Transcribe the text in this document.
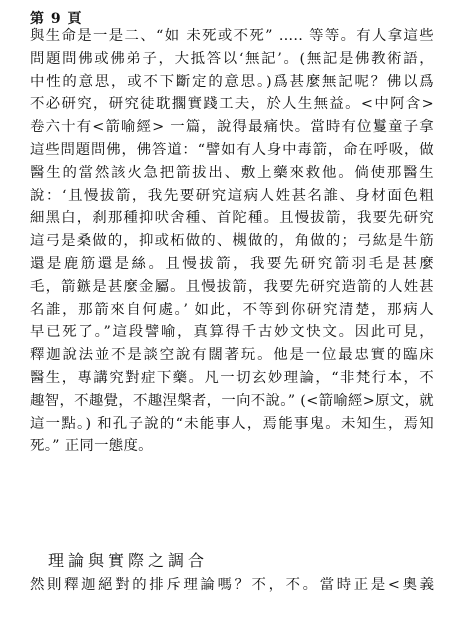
第 9 頁
與生命是一是二、“如 未死或不死” ….. 等等。有人拿這些
問題問佛或佛弟子，大抵答以‘無記’。(無記是佛教術語，
中性的意思，或不下斷定的意思。)爲甚麼無記呢？佛以爲
不必研究，研究徒耽擱實踐工夫，於人生無益。<中阿含>
卷六十有<箭喻經> 一篇，說得最痛快。當時有位鬘童子拿
這些問題問佛，佛答道：“譬如有人身中毒箭，命在呼吸，做
醫生的當然該火急把箭拔出、敷上藥來救他。倘使那醫生
說：‘且慢拔箭，我先要研究這病人姓甚名誰、身材面色粗
細黑白，刹那種抑吠舍種、首陀種。且慢拔箭，我要先研究
這弓是桑做的，抑或柘做的、槻做的，角做的；弓紘是牛筋
還是鹿筋還是絲。且慢拔箭，我要先研究箭羽毛是甚麼
毛，箭鏃是甚麼金屬。且慢拔箭，我要先研究造箭的人姓甚
名誰，那箭來自何處。’ 如此，不等到你研究清楚，那病人
早已死了。”這段譬喻，真算得千古妙文快文。因此可見，
釋迦說法並不是談空說有闊著玩。他是一位最忠實的臨床
醫生，專講究對症下藥。凡一切玄妙理論，“非梵行本，不
趣智，不趣覺，不趣涅槃者，一向不說。” (<箭喻經>原文，就
這一點。) 和孔子說的“未能事人，焉能事鬼。未知生，焉知
死。” 正同一態度。
理論與實際之調合
然則釋迦絕對的排斥理論嗎？不，不。當時正是<奧義
